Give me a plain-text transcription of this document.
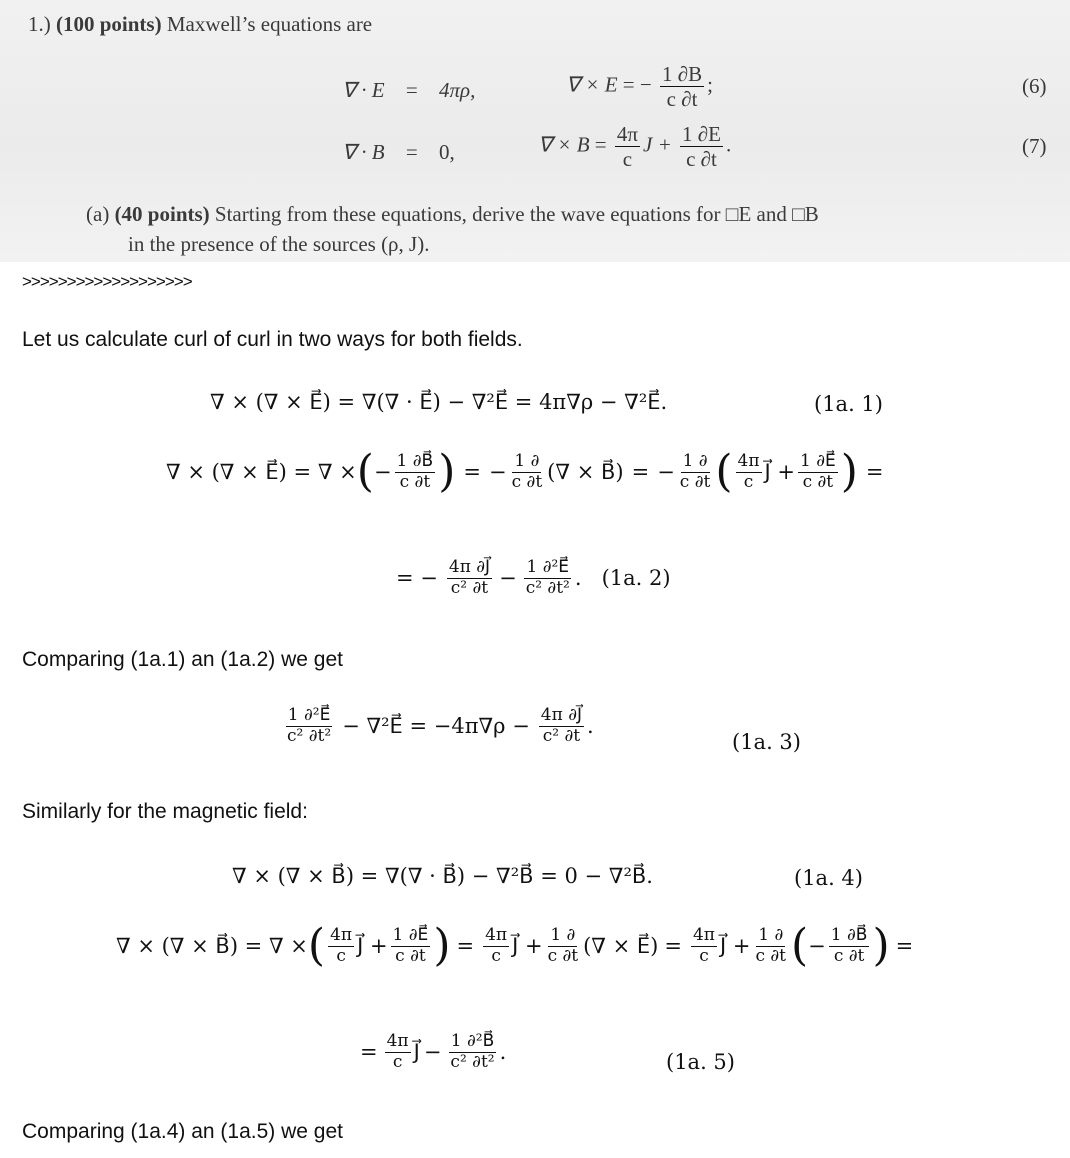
1.) (100 points) Maxwell’s equations are
∇ · E = 4πρ,	∇ × E = − $\frac{1 \partial B}{c \partial t}$ ;	(6)
∇ · B = 0,	∇ × $B = \frac{4\pi}{c}$ $J + \frac{1 \partial E}{c \partial t}$ .	(7)
(a) (40 points) Starting from these equations, derive the wave equations for □E and □B
in the presence of the sources (ρ, J).
>>>>>>>>>>>>>>>>>>>
Let us calculate curl of curl in two ways for both fields.
∇ × (∇ × E⃗) = ∇(∇ · E⃗) − ∇²E⃗ = 4π∇ρ − ∇²E⃗.	(1a. 1)
∇ × (∇ × E⃗) = ∇ × ( − $\frac{1 \partial B⃗}{c \partial t}$ ) = − $\frac{1 \partial}{c \partial t}$ (∇ × B⃗) = − $\frac{1 \partial}{c \partial t}$ ( $\frac{4\pi}{c}$ J⃗ + $\frac{1 \partial E⃗}{c \partial t}$ ) =
= − $\frac{4\pi \partial J⃗}{\text{c² ∂t}} - \frac{\text{1 ∂²E⃗}}{\text{c² ∂t²}}$ . (1a. 2)
Comparing (1a.1) an (1a.2) we get
$\frac{\text{1 ∂²E⃗}}{\text{c² ∂t²}}$ − ∇²E⃗ = $-4\pi\nabla\rho - \frac{4\pi \partial J⃗}{\text{c² ∂t}}$ .
(1a. 3)
Similarly for the magnetic field:
∇ × (∇ × B⃗) = ∇(∇ · B⃗) − ∇²B⃗ = 0 − ∇²B⃗.	(1a. 4)
∇ × (∇ × B⃗) = ∇ × ( $\frac{4\pi}{c}$ J⃗ + $\frac{1 \partial E⃗}{c \partial t}$ ) = $\frac{4\pi}{c}$ J⃗ + $\frac{1 \partial}{c \partial t}$ (∇ × E⃗) = $\frac{4\pi}{c}$ J⃗ + $\frac{1 \partial}{c \partial t}$ ( − $\frac{1 \partial B⃗}{c \partial t}$ ) =
= $\frac{4\pi}{c}$ J⃗ − $\frac{\text{1 ∂²B⃗}}{\text{c² ∂t²}}$ .	(1a. 5)
Comparing (1a.4) an (1a.5) we get
